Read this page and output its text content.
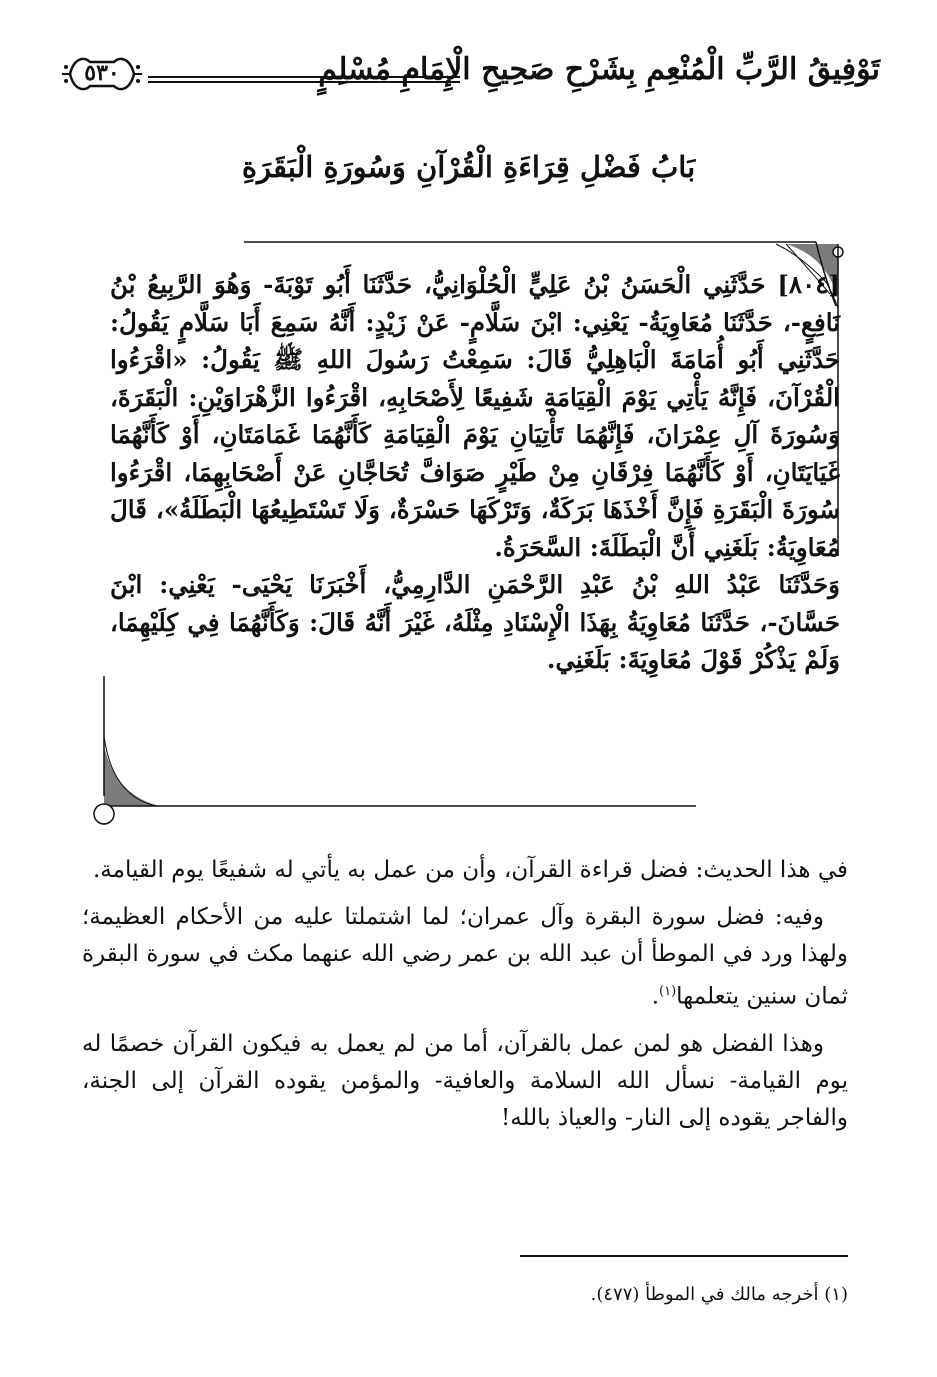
تَوْفِيقُ الرَّبِّ الْمُنْعِمِ بِشَرْحِ صَحِيحِ الْإِمَامِ مُسْلِمٍ
٥٣٠
بَابُ فَضْلِ قِرَاءَةِ الْقُرْآنِ وَسُورَةِ الْبَقَرَةِ

[٨٠٤] حَدَّثَنِي الْحَسَنُ بْنُ عَلِيٍّ الْحُلْوَانِيُّ، حَدَّثَنَا أَبُو تَوْبَةَ- وَهُوَ الرَّبِيعُ بْنُ نَافِعٍ-، حَدَّثَنَا مُعَاوِيَةُ- يَعْنِي: ابْنَ سَلَّامٍ- عَنْ زَيْدٍ: أَنَّهُ سَمِعَ أَبَا سَلَّامٍ يَقُولُ: حَدَّثَنِي أَبُو أُمَامَةَ الْبَاهِلِيُّ قَالَ: سَمِعْتُ رَسُولَ اللهِ ﷺ يَقُولُ: «اقْرَءُوا الْقُرْآنَ، فَإِنَّهُ يَأْتِي يَوْمَ الْقِيَامَةِ شَفِيعًا لِأَصْحَابِهِ، اقْرَءُوا الزَّهْرَاوَيْنِ: الْبَقَرَةَ، وَسُورَةَ آلِ عِمْرَانَ، فَإِنَّهُمَا تَأْتِيَانِ يَوْمَ الْقِيَامَةِ كَأَنَّهُمَا غَمَامَتَانِ، أَوْ كَأَنَّهُمَا غَيَايَتَانِ، أَوْ كَأَنَّهُمَا فِرْقَانِ مِنْ طَيْرٍ صَوَافَّ تُحَاجَّانِ عَنْ أَصْحَابِهِمَا، اقْرَءُوا سُورَةَ الْبَقَرَةِ فَإِنَّ أَخْذَهَا بَرَكَةٌ، وَتَرْكَهَا حَسْرَةٌ، وَلَا تَسْتَطِيعُهَا الْبَطَلَةُ»، قَالَ مُعَاوِيَةُ: بَلَغَنِي أَنَّ الْبَطَلَةَ: السَّحَرَةُ.

وَحَدَّثَنَا عَبْدُ اللهِ بْنُ عَبْدِ الرَّحْمَنِ الدَّارِمِيُّ، أَخْبَرَنَا يَحْيَى- يَعْنِي: ابْنَ حَسَّانَ-، حَدَّثَنَا مُعَاوِيَةُ بِهَذَا الْإِسْنَادِ مِثْلَهُ، غَيْرَ أَنَّهُ قَالَ: وَكَأَنَّهُمَا فِي كِلَيْهِمَا، وَلَمْ يَذْكُرْ قَوْلَ مُعَاوِيَةَ: بَلَغَنِي.

في هذا الحديث: فضل قراءة القرآن، وأن من عمل به يأتي له شفيعًا يوم القيامة.

وفيه: فضل سورة البقرة وآل عمران؛ لما اشتملتا عليه من الأحكام العظيمة؛ ولهذا ورد في الموطأ أن عبد الله بن عمر رضي الله عنهما مكث في سورة البقرة ثمان سنين يتعلمها$^{(١)}$.

وهذا الفضل هو لمن عمل بالقرآن، أما من لم يعمل به فيكون القرآن خصمًا له يوم القيامة- نسأل الله السلامة والعافية- والمؤمن يقوده القرآن إلى الجنة، والفاجر يقوده إلى النار- والعياذ بالله!

(١) أخرجه مالك في الموطأ (٤٧٧).
